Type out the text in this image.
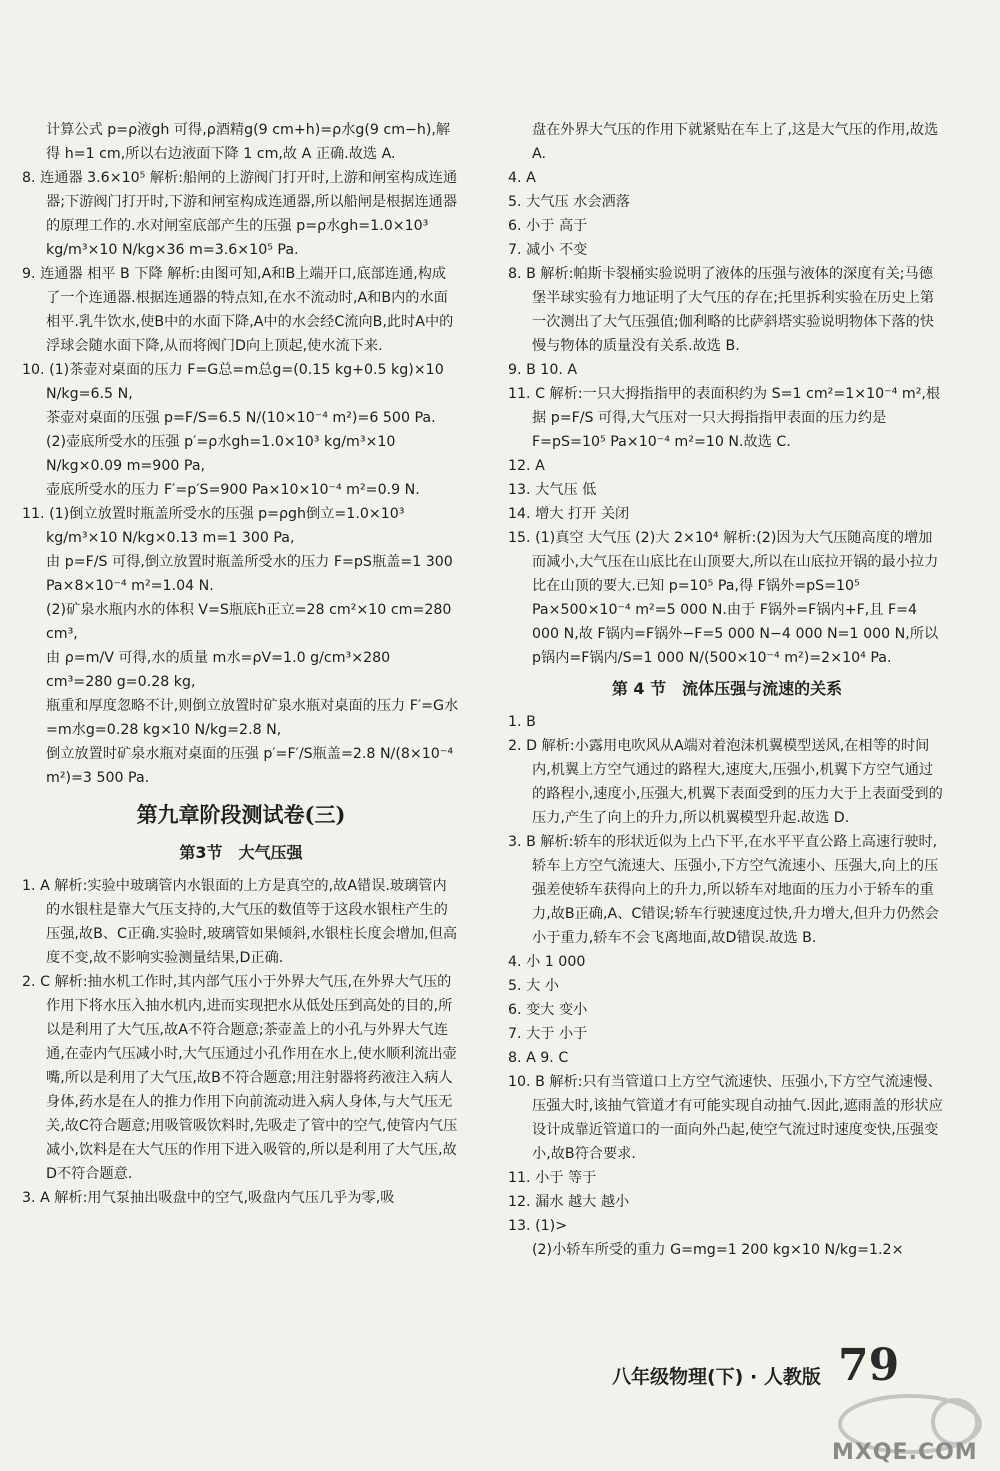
计算公式 p=ρ液gh 可得,ρ酒精g(9 cm+h)=ρ水g(9 cm−h),解得 h=1 cm,所以右边液面下降 1 cm,故 A 正确.故选 A.

8. 连通器 3.6×10⁵ 解析:船闸的上游阀门打开时,上游和闸室构成连通器;下游阀门打开时,下游和闸室构成连通器,所以船闸是根据连通器的原理工作的.水对闸室底部产生的压强 p=ρ水gh=1.0×10³ kg/m³×10 N/kg×36 m=3.6×10⁵ Pa.

9. 连通器 相平 B 下降 解析:由图可知,A和B上端开口,底部连通,构成了一个连通器.根据连通器的特点知,在水不流动时,A和B内的水面相平.乳牛饮水,使B中的水面下降,A中的水会经C流向B,此时A中的浮球会随水面下降,从而将阀门D向上顶起,使水流下来.

10. (1)茶壶对桌面的压力 F=G总=m总g=(0.15 kg+0.5 kg)×10 N/kg=6.5 N,

茶壶对桌面的压强 p=F/S=6.5 N/(10×10⁻⁴ m²)=6 500 Pa.

(2)壶底所受水的压强 p′=ρ水gh=1.0×10³ kg/m³×10 N/kg×0.09 m=900 Pa,

壶底所受水的压力 F′=p′S=900 Pa×10×10⁻⁴ m²=0.9 N.

11. (1)倒立放置时瓶盖所受水的压强 p=ρgh倒立=1.0×10³ kg/m³×10 N/kg×0.13 m=1 300 Pa,

由 p=F/S 可得,倒立放置时瓶盖所受水的压力 F=pS瓶盖=1 300 Pa×8×10⁻⁴ m²=1.04 N.

(2)矿泉水瓶内水的体积 V=S瓶底h正立=28 cm²×10 cm=280 cm³,

由 ρ=m/V 可得,水的质量 m水=ρV=1.0 g/cm³×280 cm³=280 g=0.28 kg,

瓶重和厚度忽略不计,则倒立放置时矿泉水瓶对桌面的压力 F′=G水=m水g=0.28 kg×10 N/kg=2.8 N,

倒立放置时矿泉水瓶对桌面的压强 p′=F′/S瓶盖=2.8 N/(8×10⁻⁴ m²)=3 500 Pa.

第九章阶段测试卷(三)
第3节　大气压强

1. A 解析:实验中玻璃管内水银面的上方是真空的,故A错误.玻璃管内的水银柱是靠大气压支持的,大气压的数值等于这段水银柱产生的压强,故B、C正确.实验时,玻璃管如果倾斜,水银柱长度会增加,但高度不变,故不影响实验测量结果,D正确.

2. C 解析:抽水机工作时,其内部气压小于外界大气压,在外界大气压的作用下将水压入抽水机内,进而实现把水从低处压到高处的目的,所以是利用了大气压,故A不符合题意;茶壶盖上的小孔与外界大气连通,在壶内气压减小时,大气压通过小孔作用在水上,使水顺利流出壶嘴,所以是利用了大气压,故B不符合题意;用注射器将药液注入病人身体,药水是在人的推力作用下向前流动进入病人身体,与大气压无关,故C符合题意;用吸管吸饮料时,先吸走了管中的空气,使管内气压减小,饮料是在大气压的作用下进入吸管的,所以是利用了大气压,故D不符合题意.

3. A 解析:用气泵抽出吸盘中的空气,吸盘内气压几乎为零,吸

盘在外界大气压的作用下就紧贴在车上了,这是大气压的作用,故选 A.

4. A

5. 大气压 水会洒落

6. 小于 高于

7. 减小 不变

8. B 解析:帕斯卡裂桶实验说明了液体的压强与液体的深度有关;马德堡半球实验有力地证明了大气压的存在;托里拆利实验在历史上第一次测出了大气压强值;伽利略的比萨斜塔实验说明物体下落的快慢与物体的质量没有关系.故选 B.

9. B 10. A

11. C 解析:一只大拇指指甲的表面积约为 S=1 cm²=1×10⁻⁴ m²,根据 p=F/S 可得,大气压对一只大拇指指甲表面的压力约是 F=pS=10⁵ Pa×10⁻⁴ m²=10 N.故选 C.

12. A

13. 大气压 低

14. 增大 打开 关闭

15. (1)真空 大气压 (2)大 2×10⁴ 解析:(2)因为大气压随高度的增加而减小,大气压在山底比在山顶要大,所以在山底拉开锅的最小拉力比在山顶的要大.已知 p=10⁵ Pa,得 F锅外=pS=10⁵ Pa×500×10⁻⁴ m²=5 000 N.由于 F锅外=F锅内+F,且 F=4 000 N,故 F锅内=F锅外−F=5 000 N−4 000 N=1 000 N,所以 p锅内=F锅内/S=1 000 N/(500×10⁻⁴ m²)=2×10⁴ Pa.

第 4 节　流体压强与流速的关系

1. B

2. D 解析:小露用电吹风从A端对着泡沫机翼模型送风,在相等的时间内,机翼上方空气通过的路程大,速度大,压强小,机翼下方空气通过的路程小,速度小,压强大,机翼下表面受到的压力大于上表面受到的压力,产生了向上的升力,所以机翼模型升起.故选 D.

3. B 解析:轿车的形状近似为上凸下平,在水平平直公路上高速行驶时,轿车上方空气流速大、压强小,下方空气流速小、压强大,向上的压强差使轿车获得向上的升力,所以轿车对地面的压力小于轿车的重力,故B正确,A、C错误;轿车行驶速度过快,升力增大,但升力仍然会小于重力,轿车不会飞离地面,故D错误.故选 B.

4. 小 1 000

5. 大 小

6. 变大 变小

7. 大于 小于

8. A 9. C

10. B 解析:只有当管道口上方空气流速快、压强小,下方空气流速慢、压强大时,该抽气管道才有可能实现自动抽气.因此,遮雨盖的形状应设计成靠近管道口的一面向外凸起,使空气流过时速度变快,压强变小,故B符合要求.

11. 小于 等于

12. 漏水 越大 越小

13. (1)>

(2)小轿车所受的重力 G=mg=1 200 kg×10 N/kg=1.2×

八年级物理(下) · 人教版 79
MXQE.COM
